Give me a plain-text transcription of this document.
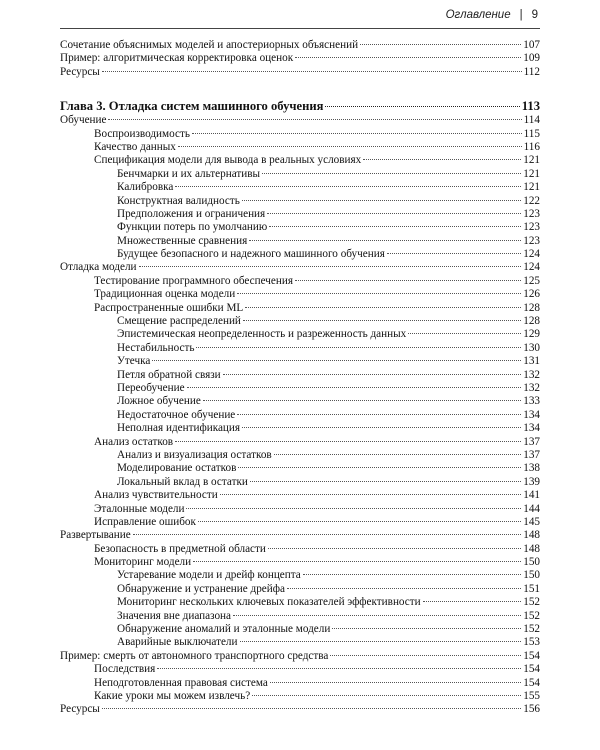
Оглавление | 9
Сочетание объяснимых моделей и апостериорных объяснений	107
Пример: алгоритмическая корректировка оценок	109
Ресурсы	112
Глава 3. Отладка систем машинного обучения	113
Обучение	114
Воспроизводимость	115
Качество данных	116
Спецификация модели для вывода в реальных условиях	121
Бенчмарки и их альтернативы	121
Калибровка	121
Конструктная валидность	122
Предположения и ограничения	123
Функции потерь по умолчанию	123
Множественные сравнения	123
Будущее безопасного и надежного машинного обучения	124
Отладка модели	124
Тестирование программного обеспечения	125
Традиционная оценка модели	126
Распространенные ошибки ML	128
Смещение распределений	128
Эпистемическая неопределенность и разреженность данных	129
Нестабильность	130
Утечка	131
Петля обратной связи	132
Переобучение	132
Ложное обучение	133
Недостаточное обучение	134
Неполная идентификация	134
Анализ остатков	137
Анализ и визуализация остатков	137
Моделирование остатков	138
Локальный вклад в остатки	139
Анализ чувствительности	141
Эталонные модели	144
Исправление ошибок	145
Развертывание	148
Безопасность в предметной области	148
Мониторинг модели	150
Устаревание модели и дрейф концепта	150
Обнаружение и устранение дрейфа	151
Мониторинг нескольких ключевых показателей эффективности	152
Значения вне диапазона	152
Обнаружение аномалий и эталонные модели	152
Аварийные выключатели	153
Пример: смерть от автономного транспортного средства	154
Последствия	154
Неподготовленная правовая система	154
Какие уроки мы можем извлечь?	155
Ресурсы	156
